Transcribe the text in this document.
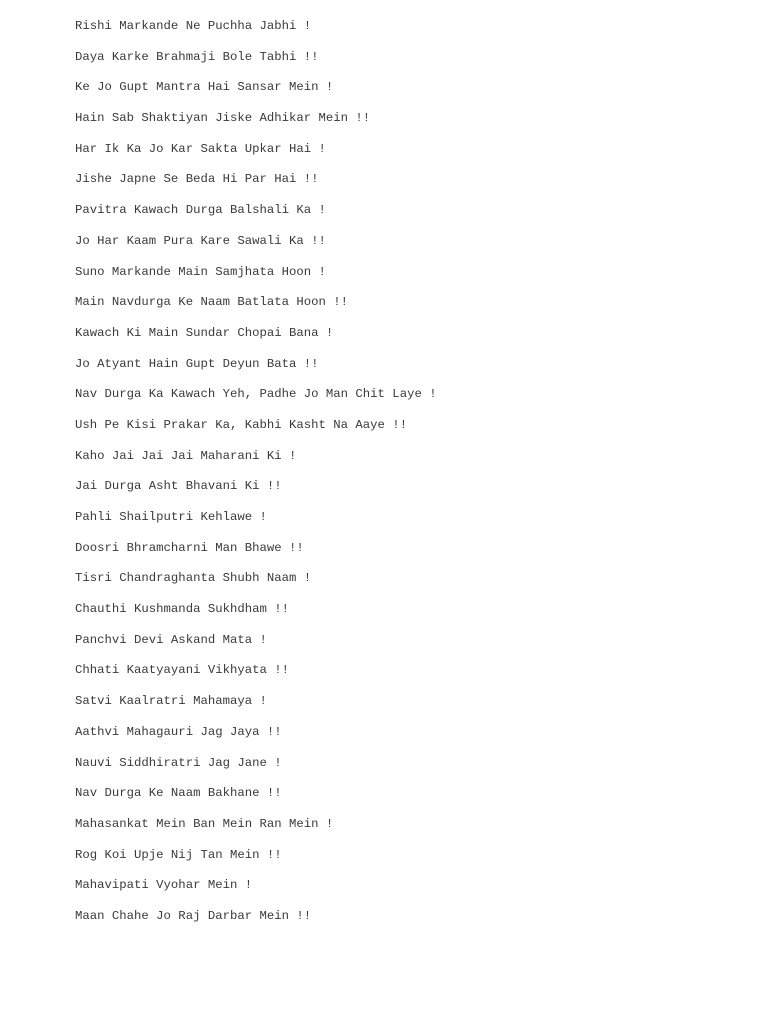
Rishi Markande Ne Puchha Jabhi !
Daya Karke Brahmaji Bole Tabhi !!
Ke Jo Gupt Mantra Hai Sansar Mein !
Hain Sab Shaktiyan Jiske Adhikar Mein !!
Har Ik Ka Jo Kar Sakta Upkar Hai !
Jishe Japne Se Beda Hi Par Hai !!
Pavitra Kawach Durga Balshali Ka !
Jo Har Kaam Pura Kare Sawali Ka !!
Suno Markande Main Samjhata Hoon !
Main Navdurga Ke Naam Batlata Hoon !!
Kawach Ki Main Sundar Chopai Bana !
Jo Atyant Hain Gupt Deyun Bata !!
Nav Durga Ka Kawach Yeh, Padhe Jo Man Chit Laye !
Ush Pe Kisi Prakar Ka, Kabhi Kasht Na Aaye !!
Kaho Jai Jai Jai Maharani Ki !
Jai Durga Asht Bhavani Ki !!
Pahli Shailputri Kehlawe !
Doosri Bhramcharni Man Bhawe !!
Tisri Chandraghanta Shubh Naam !
Chauthi Kushmanda Sukhdham !!
Panchvi Devi Askand Mata !
Chhati Kaatyayani Vikhyata !!
Satvi Kaalratri Mahamaya !
Aathvi Mahagauri Jag Jaya !!
Nauvi Siddhiratri Jag Jane !
Nav Durga Ke Naam Bakhane !!
Mahasankat Mein Ban Mein Ran Mein !
Rog Koi Upje Nij Tan Mein !!
Mahavipati Vyohar Mein !
Maan Chahe Jo Raj Darbar Mein !!
